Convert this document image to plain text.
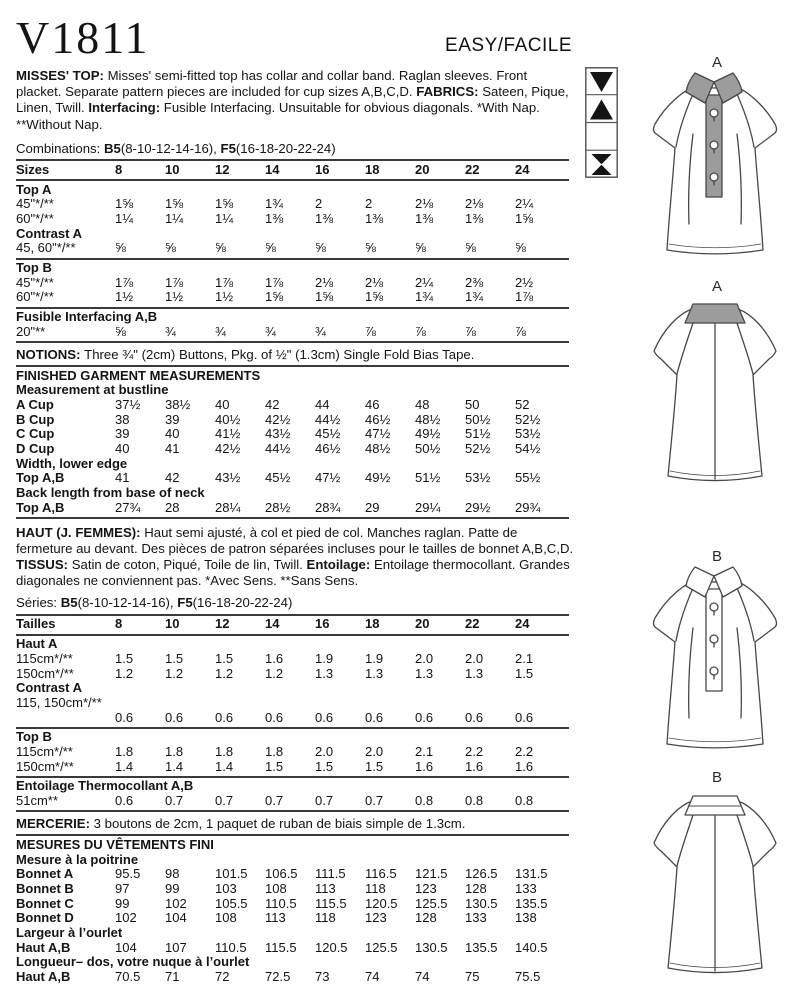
V1811	EASY/FACILE

MISSES' TOP: Misses' semi-fitted top has collar and collar band. Raglan sleeves. Front placket. Separate pattern pieces are included for cup sizes A,B,C,D. FABRICS: Sateen, Pique, Linen, Twill. Interfacing: Fusible Interfacing. Unsuitable for obvious diagonals. *With Nap. **Without Nap.

Combinations: B5(8-10-12-14-16), F5(16-18-20-22-24)

Sizes	8	10	12	14	16	18	20	22	24
Top A
45"*/**	1⅝	1⅝	1⅝	1¾	2	2	2⅛	2⅛	2¼
60"*/**	1¼	1¼	1¼	1⅜	1⅜	1⅜	1⅜	1⅜	1⅝
Contrast A
45, 60"*/**	⅝	⅝	⅝	⅝	⅝	⅝	⅝	⅝	⅝
Top B
45"*/**	1⅞	1⅞	1⅞	1⅞	2⅛	2⅛	2¼	2⅜	2½
60"*/**	1½	1½	1½	1⅝	1⅝	1⅝	1¾	1¾	1⅞
Fusible Interfacing A,B
20"**	⅝	¾	¾	¾	¾	⅞	⅞	⅞	⅞
NOTIONS: Three ¾" (2cm) Buttons, Pkg. of ½" (1.3cm) Single Fold Bias Tape.
FINISHED GARMENT MEASUREMENTS
Measurement at bustline
A Cup	37½	38½	40	42	44	46	48	50	52
B Cup	38	39	40½	42½	44½	46½	48½	50½	52½
C Cup	39	40	41½	43½	45½	47½	49½	51½	53½
D Cup	40	41	42½	44½	46½	48½	50½	52½	54½
Width, lower edge
Top A,B	41	42	43½	45½	47½	49½	51½	53½	55½
Back length from base of neck
Top A,B	27¾	28	28¼	28½	28¾	29	29¼	29½	29¾

HAUT (J. FEMMES): Haut semi ajusté, à col et pied de col. Manches raglan. Patte de fermeture au devant. Des pièces de patron séparées incluses pour le tailles de bonnet A,B,C,D. TISSUS: Satin de coton, Piqué, Toile de lin, Twill. Entoilage: Entoilage thermocollant. Grandes diagonales ne conviennent pas. *Avec Sens. **Sans Sens.

Séries: B5(8-10-12-14-16), F5(16-18-20-22-24)

Tailles	8	10	12	14	16	18	20	22	24
Haut A
115cm*/**	1.5	1.5	1.5	1.6	1.9	1.9	2.0	2.0	2.1
150cm*/**	1.2	1.2	1.2	1.2	1.3	1.3	1.3	1.3	1.5
Contrast A
115, 150cm*/**
0.6	0.6	0.6	0.6	0.6	0.6	0.6	0.6	0.6
Top B
115cm*/**	1.8	1.8	1.8	1.8	2.0	2.0	2.1	2.2	2.2
150cm*/**	1.4	1.4	1.4	1.5	1.5	1.5	1.6	1.6	1.6
Entoilage Thermocollant A,B
51cm**	0.6	0.7	0.7	0.7	0.7	0.7	0.8	0.8	0.8
MERCERIE: 3 boutons de 2cm, 1 paquet de ruban de biais simple de 1.3cm.
MESURES DU VÊTEMENTS FINI
Mesure à la poitrine
Bonnet A	95.5	98	101.5	106.5	111.5	116.5	121.5	126.5	131.5
Bonnet B	97	99	103	108	113	118	123	128	133
Bonnet C	99	102	105.5	110.5	115.5	120.5	125.5	130.5	135.5
Bonnet D	102	104	108	113	118	123	128	133	138
Largeur à l’ourlet
Haut A,B	104	107	110.5	115.5	120.5	125.5	130.5	135.5	140.5
Longueur– dos, votre nuque à l’ourlet
Haut A,B	70.5	71	72	72.5	73	74	74	75	75.5
A
A
B
B
